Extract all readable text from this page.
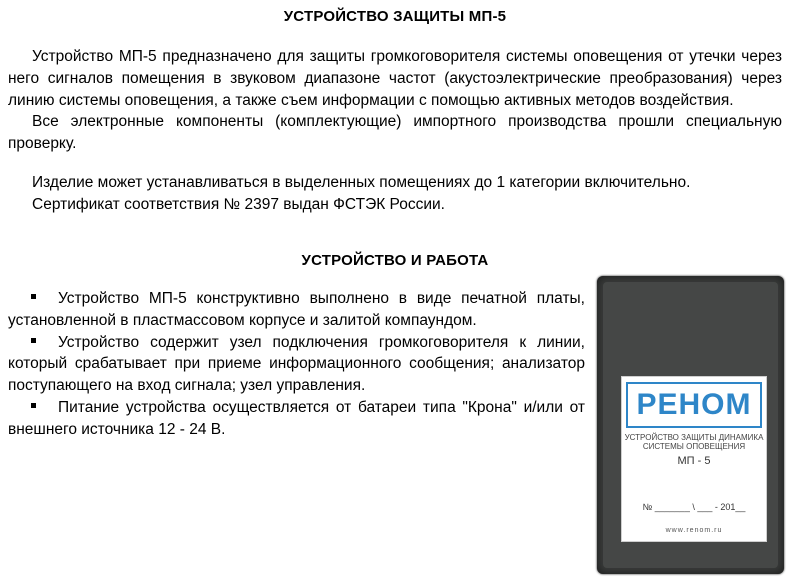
УСТРОЙСТВО ЗАЩИТЫ МП-5

Устройство МП-5 предназначено для защиты громкоговорителя системы оповещения от утечки через него сигналов помещения в звуковом диапазоне частот (акустоэлектрические преобразования) через линию системы оповещения, а также съем информации с помощью активных методов воздействия.

Все электронные компоненты (комплектующие) импортного производства прошли специальную проверку.

Изделие может устанавливаться в выделенных помещениях до 1 категории включительно.

Сертификат соответствия № 2397 выдан ФСТЭК России.

УСТРОЙСТВО И РАБОТА
Устройство МП-5 конструктивно выполнено в виде печатной платы, установленной в пластмассовом корпусе и залитой компаундом.
Устройство содержит узел подключения громкоговорителя к линии, который срабатывает при приеме информационного сообщения; анализатор поступающего на вход сигнала; узел управления.
Питание устройства осуществляется от батареи типа "Крона" и/или от внешнего источника 12 - 24 В.
РЕНОМ
УСТРОЙСТВО ЗАЩИТЫ ДИНАМИКА
СИСТЕМЫ ОПОВЕЩЕНИЯ
МП - 5
№ _______ \ ___ - 201__
www.renom.ru
